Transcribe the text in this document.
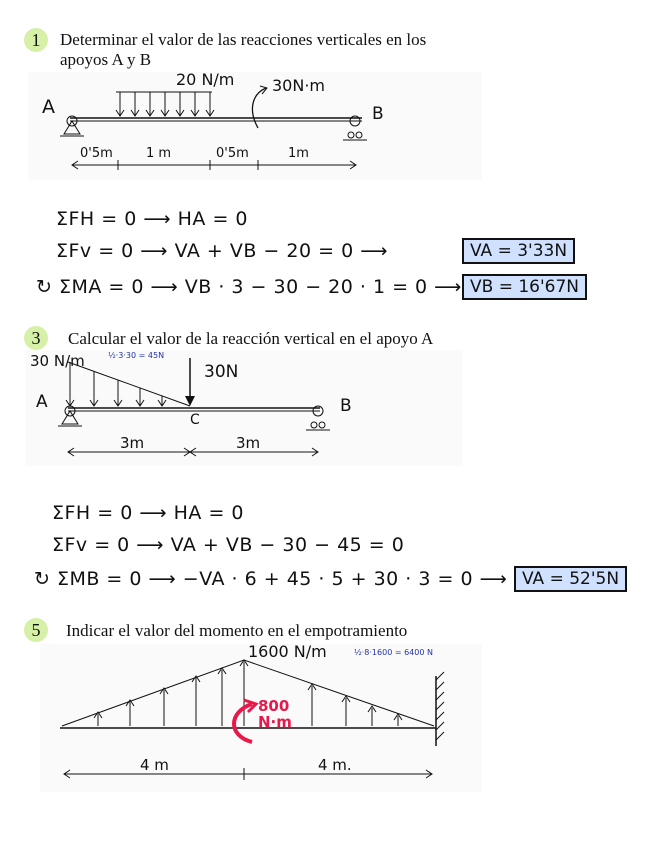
1	Determinar el valor de las reacciones verticales en los
apoyos A y B
A	B
20 N/m 30N·m
0'5m	1 m	0'5m	1m
ΣFH = 0 ⟶ HA = 0
ΣFv = 0 ⟶ VA + VB − 20 = 0 ⟶
↻ ΣMA = 0 ⟶ VB · 3 − 30 − 20 · 1 = 0 ⟶
VA = 3'33N
VB = 16'67N
3	Calcular el valor de la reacción vertical en el apoyo A
30 N/m	½·3·30 = 45N
30N
A	B
C
3m	3m
ΣFH = 0 ⟶ HA = 0
ΣFv = 0 ⟶ VA + VB − 30 − 45 = 0
↻ ΣMB = 0 ⟶ −VA · 6 + 45 · 5 + 30 · 3 = 0 ⟶ VA = 52'5N
5	Indicar el valor del momento en el empotramiento
1600 N/m	½·8·1600 = 6400 N
800 N·m
4 m	4 m.
